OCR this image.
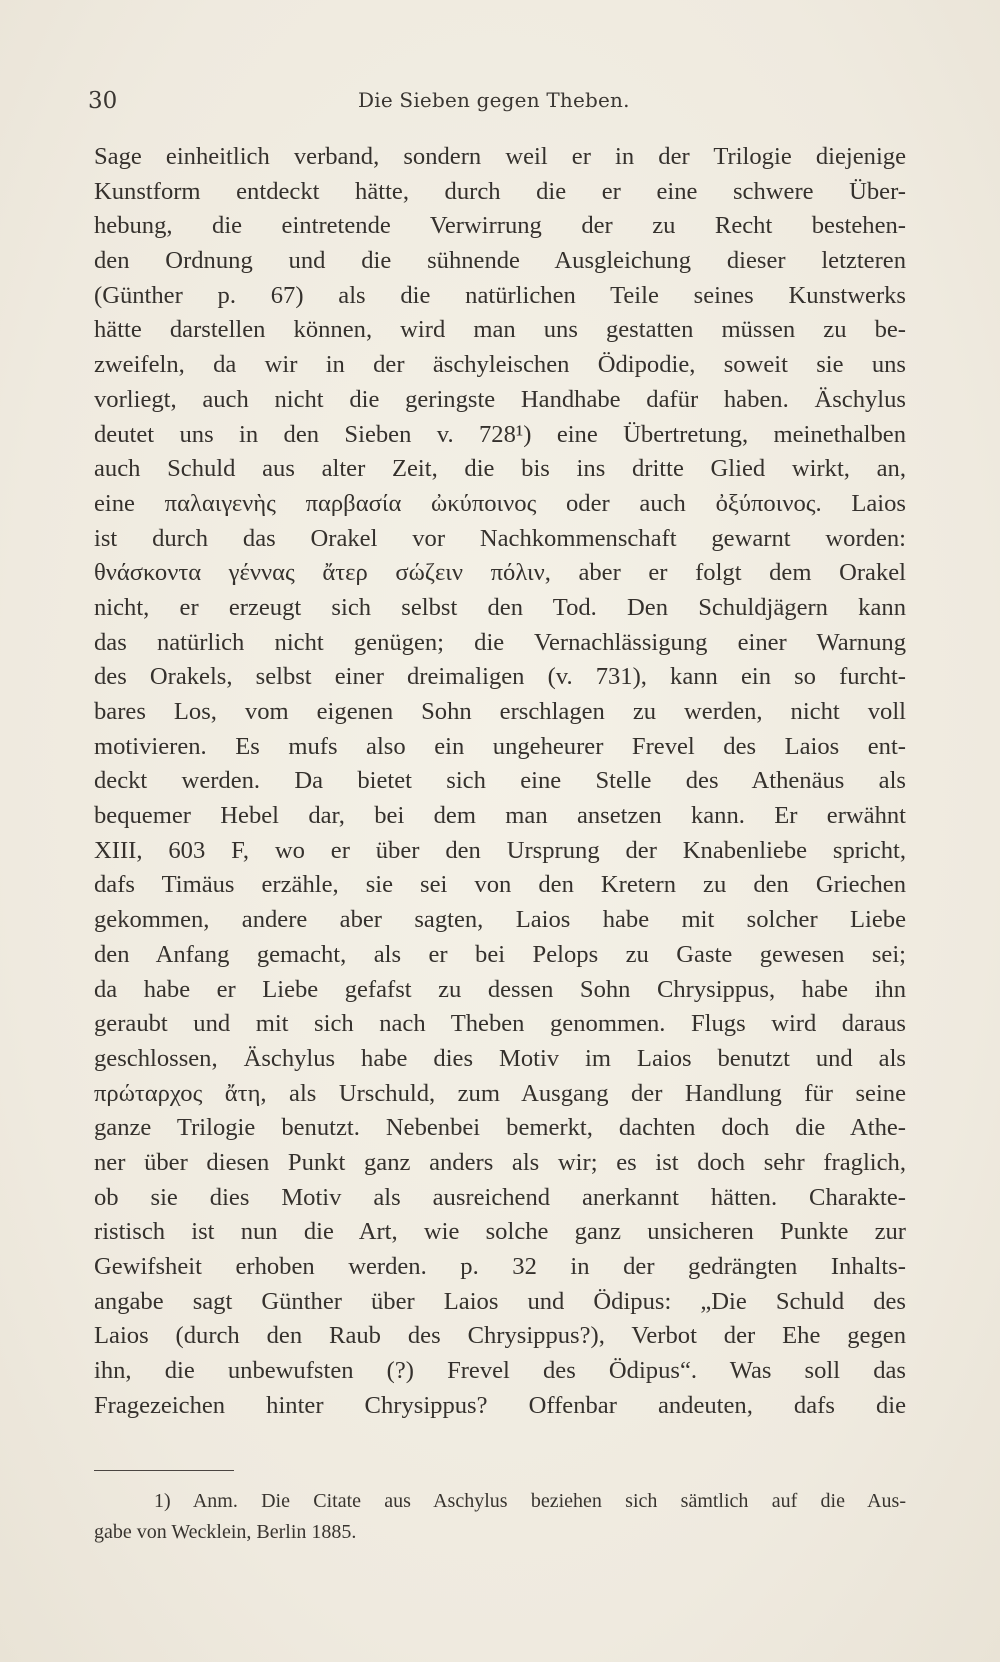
30	Die Sieben gegen Theben.
Sage einheitlich verband, sondern weil er in der Trilogie diejenige
Kunstform entdeckt hätte, durch die er eine schwere Über-
hebung, die eintretende Verwirrung der zu Recht bestehen-
den Ordnung und die sühnende Ausgleichung dieser letzteren
(Günther p. 67) als die natürlichen Teile seines Kunstwerks
hätte darstellen können, wird man uns gestatten müssen zu be-
zweifeln, da wir in der äschyleischen Ödipodie, soweit sie uns
vorliegt, auch nicht die geringste Handhabe dafür haben. Äschylus
deutet uns in den Sieben v. 728¹) eine Übertretung, meinethalben
auch Schuld aus alter Zeit, die bis ins dritte Glied wirkt, an,
eine παλαιγενὴς παρβασία ὠκύποινος oder auch ὀξύποινος. Laios
ist durch das Orakel vor Nachkommenschaft gewarnt worden:
θνάσκοντα γέννας ἄτερ σώζειν πόλιν, aber er folgt dem Orakel
nicht, er erzeugt sich selbst den Tod. Den Schuldjägern kann
das natürlich nicht genügen; die Vernachlässigung einer Warnung
des Orakels, selbst einer dreimaligen (v. 731), kann ein so furcht-
bares Los, vom eigenen Sohn erschlagen zu werden, nicht voll
motivieren. Es mufs also ein ungeheurer Frevel des Laios ent-
deckt werden. Da bietet sich eine Stelle des Athenäus als
bequemer Hebel dar, bei dem man ansetzen kann. Er erwähnt
XIII, 603 F, wo er über den Ursprung der Knabenliebe spricht,
dafs Timäus erzähle, sie sei von den Kretern zu den Griechen
gekommen, andere aber sagten, Laios habe mit solcher Liebe
den Anfang gemacht, als er bei Pelops zu Gaste gewesen sei;
da habe er Liebe gefafst zu dessen Sohn Chrysippus, habe ihn
geraubt und mit sich nach Theben genommen. Flugs wird daraus
geschlossen, Äschylus habe dies Motiv im Laios benutzt und als
πρώταρχος ἄτη, als Urschuld, zum Ausgang der Handlung für seine
ganze Trilogie benutzt. Nebenbei bemerkt, dachten doch die Athe-
ner über diesen Punkt ganz anders als wir; es ist doch sehr fraglich,
ob sie dies Motiv als ausreichend anerkannt hätten. Charakte-
ristisch ist nun die Art, wie solche ganz unsicheren Punkte zur
Gewifsheit erhoben werden. p. 32 in der gedrängten Inhalts-
angabe sagt Günther über Laios und Ödipus: „Die Schuld des
Laios (durch den Raub des Chrysippus?), Verbot der Ehe gegen
ihn, die unbewufsten (?) Frevel des Ödipus“. Was soll das
Fragezeichen hinter Chrysippus? Offenbar andeuten, dafs die
1) Anm. Die Citate aus Aschylus beziehen sich sämtlich auf die Aus-
gabe von Wecklein, Berlin 1885.
